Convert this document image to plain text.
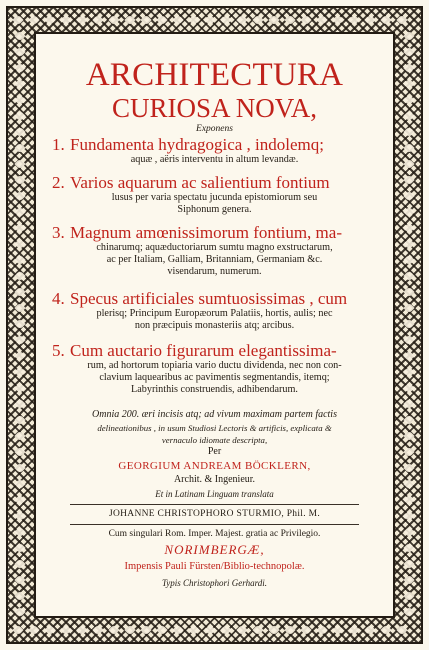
ARCHITECTURA
CURIOSA NOVA,
Exponens

1. Fundamenta hydragogica , indolemq;

aquæ , aëris interventu in altum levandæ.

2. Varios aquarum ac salientium fontium

lusus per varia spectatu jucunda epistomiorum seu

Siphonum genera.

3. Magnum amœnissimorum fontium, ma-

chinarumq; aquæductoriarum sumtu magno exstructarum,

ac per Italiam, Galliam, Britanniam, Germaniam &c.

visendarum, numerum.

4. Specus artificiales sumtuosissimas , cum

plerisq; Principum Europæorum Palatiis, hortis, aulis; nec

non præcipuis monasteriis atq; arcibus.

5. Cum auctario figurarum elegantissima-

rum, ad hortorum topiaria vario ductu dividenda, nec non con-

clavium laquearibus ac pavimentis segmentandis, itemq;

Labyrinthis construendis, adhibendarum.

Omnia 200. æri incisis atq; ad vivum maximam partem factis
delineationibus , in usum Studiosi Lectoris & artificis, explicata &
vernaculo idiomate descripta,
Per
GEORGIUM ANDREAM BÖCKLERN,
Archit. & Ingenieur.
Et in Latinam Linguam translata
JOHANNE CHRISTOPHORO STURMIO, Phil. M.
Cum singulari Rom. Imper. Majest. gratia ac Privilegio.
NORIMBERGÆ,
Impensis Pauli Fürsten/Biblio-technopolæ.
Typis Christophori Gerhardi.
